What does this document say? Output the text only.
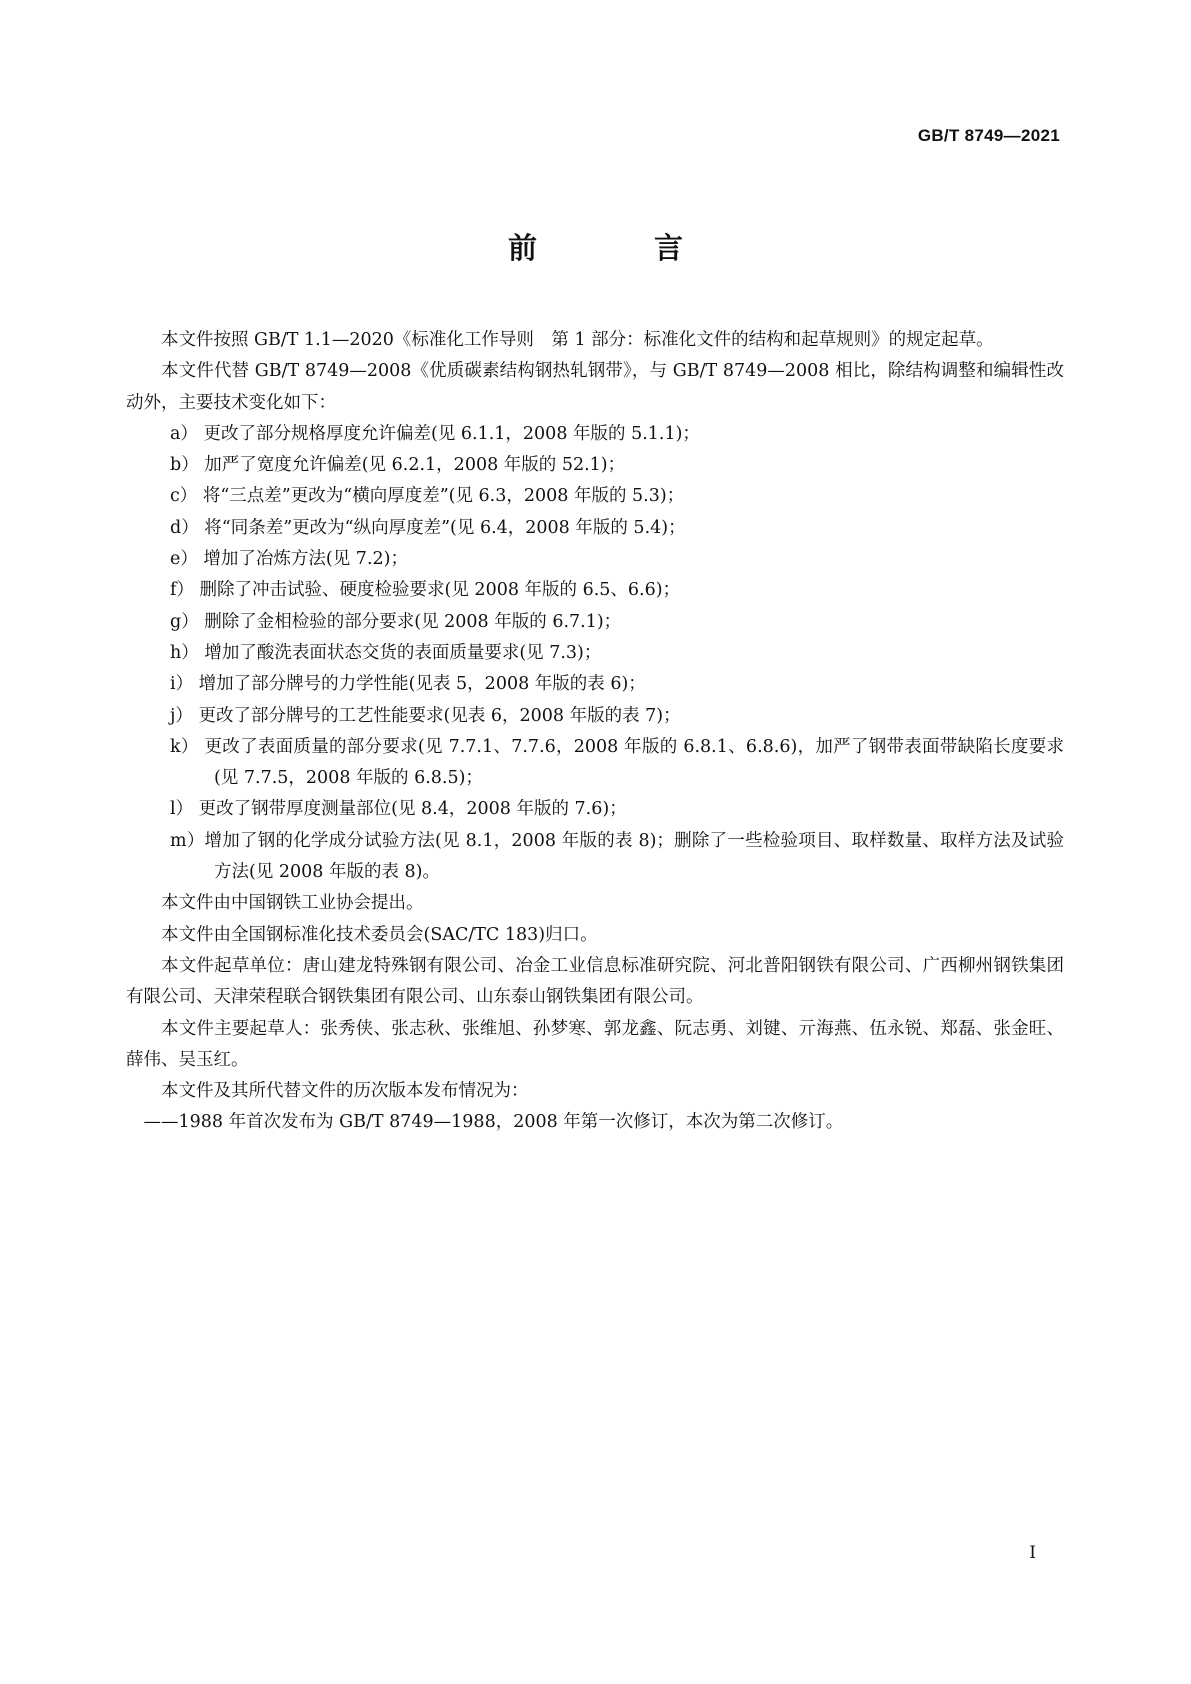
GB/T 8749—2021
前　言

本文件按照 GB/T 1.1—2020《标准化工作导则　第 1 部分：标准化文件的结构和起草规则》的规定起草。

本文件代替 GB/T 8749—2008《优质碳素结构钢热轧钢带》，与 GB/T 8749—2008 相比，除结构调整和编辑性改动外，主要技术变化如下：

a） 更改了部分规格厚度允许偏差(见 6.1.1，2008 年版的 5.1.1)；

b） 加严了宽度允许偏差(见 6.2.1，2008 年版的 52.1)；

c） 将“三点差”更改为“横向厚度差”(见 6.3，2008 年版的 5.3)；

d） 将“同条差”更改为“纵向厚度差”(见 6.4，2008 年版的 5.4)；

e） 增加了冶炼方法(见 7.2)；

f） 删除了冲击试验、硬度检验要求(见 2008 年版的 6.5、6.6)；

g） 删除了金相检验的部分要求(见 2008 年版的 6.7.1)；

h） 增加了酸洗表面状态交货的表面质量要求(见 7.3)；

i） 增加了部分牌号的力学性能(见表 5，2008 年版的表 6)；

j） 更改了部分牌号的工艺性能要求(见表 6，2008 年版的表 7)；

k） 更改了表面质量的部分要求(见 7.7.1、7.7.6，2008 年版的 6.8.1、6.8.6)，加严了钢带表面带缺陷长度要求(见 7.7.5，2008 年版的 6.8.5)；

l） 更改了钢带厚度测量部位(见 8.4，2008 年版的 7.6)；

m）增加了钢的化学成分试验方法(见 8.1，2008 年版的表 8)；删除了一些检验项目、取样数量、取样方法及试验方法(见 2008 年版的表 8)。

本文件由中国钢铁工业协会提出。

本文件由全国钢标准化技术委员会(SAC/TC 183)归口。

本文件起草单位：唐山建龙特殊钢有限公司、冶金工业信息标准研究院、河北普阳钢铁有限公司、广西柳州钢铁集团有限公司、天津荣程联合钢铁集团有限公司、山东泰山钢铁集团有限公司。

本文件主要起草人：张秀侠、张志秋、张维旭、孙梦寒、郭龙鑫、阮志勇、刘键、亓海燕、伍永锐、郑磊、张金旺、薛伟、吴玉红。

本文件及其所代替文件的历次版本发布情况为：

——1988 年首次发布为 GB/T 8749—1988，2008 年第一次修订，本次为第二次修订。

I
